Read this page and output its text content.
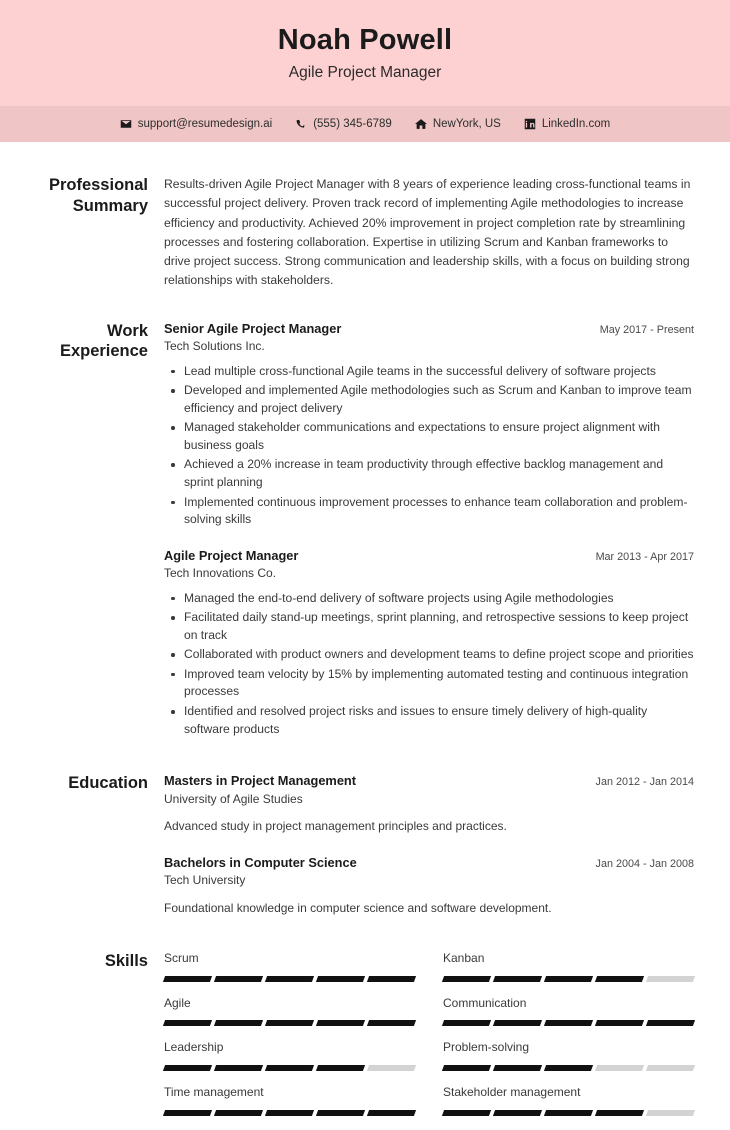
Noah Powell
Agile Project Manager
support@resumedesign.ai	(555) 345-6789	NewYork, US	LinkedIn.com
Professional Summary
Results-driven Agile Project Manager with 8 years of experience leading cross-functional teams in successful project delivery. Proven track record of implementing Agile methodologies to increase efficiency and productivity. Achieved 20% improvement in project completion rate by streamlining processes and fostering collaboration. Expertise in utilizing Scrum and Kanban frameworks to drive project success. Strong communication and leadership skills, with a focus on building strong relationships with stakeholders.
Work Experience
Senior Agile Project Manager	May 2017 - Present
Tech Solutions Inc.
Lead multiple cross-functional Agile teams in the successful delivery of software projects
Developed and implemented Agile methodologies such as Scrum and Kanban to improve team efficiency and project delivery
Managed stakeholder communications and expectations to ensure project alignment with business goals
Achieved a 20% increase in team productivity through effective backlog management and sprint planning
Implemented continuous improvement processes to enhance team collaboration and problem-solving skills
Agile Project Manager	Mar 2013 - Apr 2017
Tech Innovations Co.
Managed the end-to-end delivery of software projects using Agile methodologies
Facilitated daily stand-up meetings, sprint planning, and retrospective sessions to keep project on track
Collaborated with product owners and development teams to define project scope and priorities
Improved team velocity by 15% by implementing automated testing and continuous integration processes
Identified and resolved project risks and issues to ensure timely delivery of high-quality software products
Education	Masters in Project Management	Jan 2012 - Jan 2014
University of Agile Studies
Advanced study in project management principles and practices.
Bachelors in Computer Science	Jan 2004 - Jan 2008
Tech University
Foundational knowledge in computer science and software development.
Skills	Scrum	Kanban
Agile	Communication
Leadership	Problem-solving
Time management	Stakeholder management
